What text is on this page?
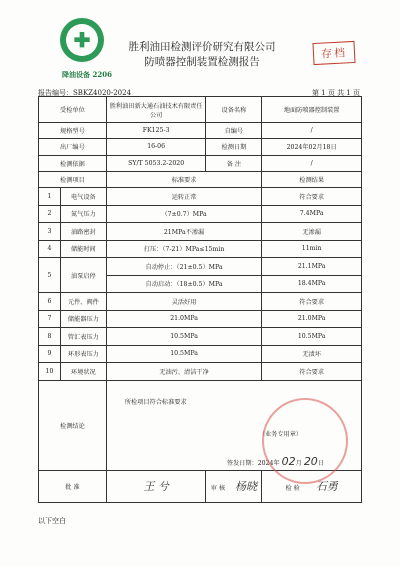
✚
降油设备 2206
胜利油田检测评价研究有限公司
防喷器控制装置检测报告
存档
报告编号：SBKZ4020-2024	第 1 页 共 1 页
受检单位		胜利油田新大通石油技术有限责任公司	设备名称	地面防喷器控制装置
规格型号		FK125-3	自编号	/
出厂编号		16-06	检测日期	2024年02月18日
检测依据		SY/T 5053.2-2020	备 注	/
检测项目		标准要求		检测结果
1	电气设备	运转正常		符合要求
2	氮气压力	（7±0.7）MPa		7.4MPa
3	油路密封	21MPa不渗漏		无渗漏
4	储能时间	打压：（7-21）MPa≤15min		11min
5	油泵启停	自动停止：（21±0.5）MPa		21.1MPa
		自动启动：（18±0.5）MPa		18.4MPa
6	元件、阀件	灵活好用		符合要求
7	储能器压力	21.0MPa		21.0MPa
8	管汇表压力	10.5MPa		10.5MPa
9	环形表压力	10.5MPa		无渍坏
10	环境状况	无油污、清洁干净		符合要求
检测结论		所检项目符合标准要求
（业务专用章）
签发日期：2024年 02月 20日		

批 准		王 兮	审 核 杨晓	检 验 石勇
以下空白
